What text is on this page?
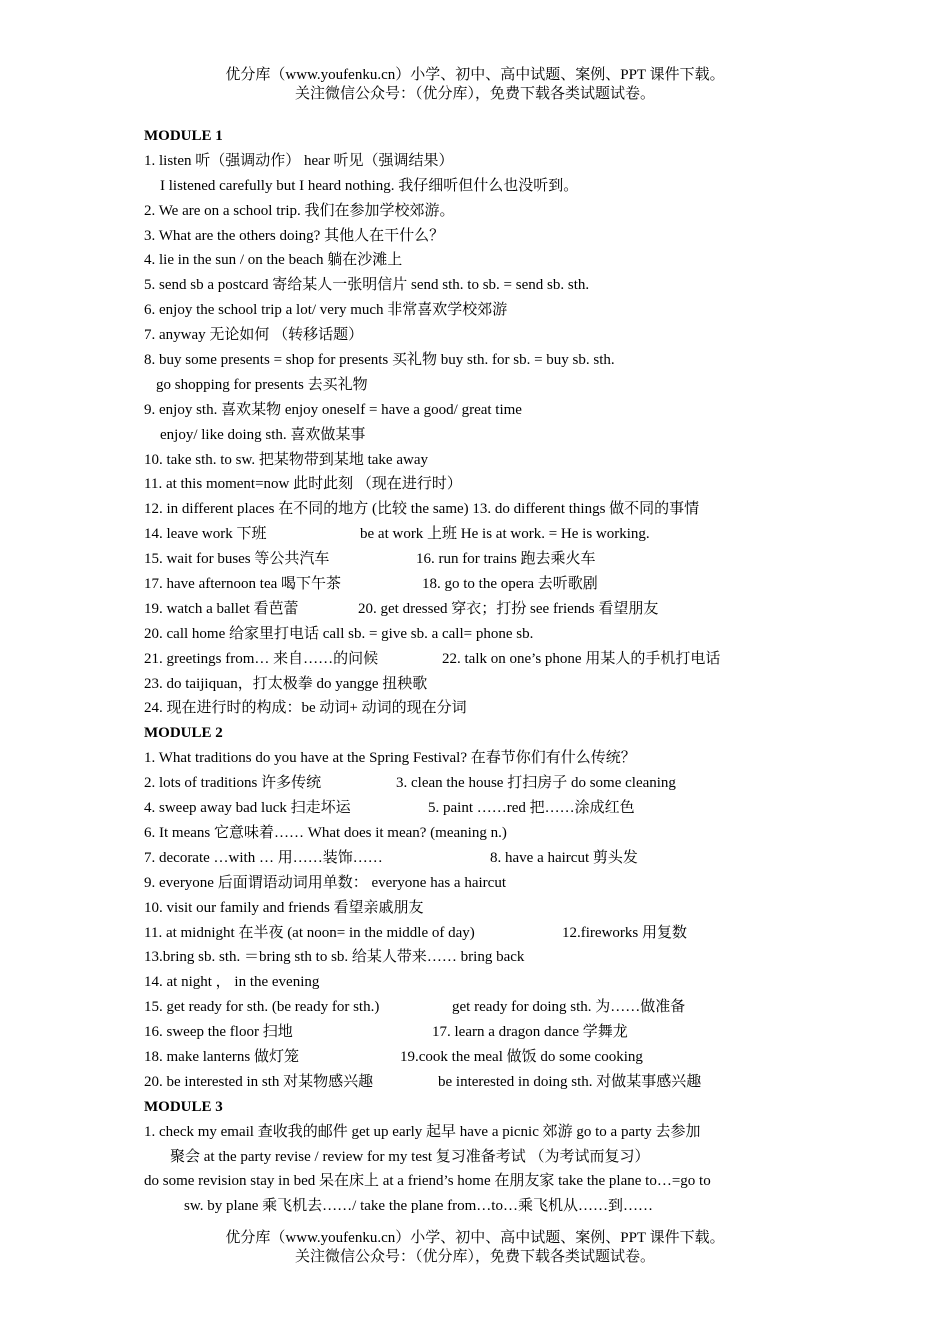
优分库（www.youfenku.cn）小学、初中、高中试题、案例、PPT 课件下载。
关注微信公众号：（优分库），免费下载各类试题试卷。
MODULE 1
1. listen 听（强调动作） hear 听见（强调结果）
I listened carefully but I heard nothing. 我仔细听但什么也没听到。
2. We are on a school trip. 我们在参加学校郊游。
3. What are the others doing? 其他人在干什么？
4. lie in the sun / on the beach 躺在沙滩上
5. send sb a postcard 寄给某人一张明信片 send sth. to sb. = send sb. sth.
6. enjoy the school trip a lot/ very much 非常喜欢学校郊游
7. anyway 无论如何 （转移话题）
8. buy some presents = shop for presents 买礼物 buy sth. for sb. = buy sb. sth.
go shopping for presents 去买礼物
9. enjoy sth. 喜欢某物 enjoy oneself = have a good/ great time
enjoy/ like doing sth. 喜欢做某事
10. take sth. to sw. 把某物带到某地 take away
11. at this moment=now 此时此刻 （现在进行时）
12. in different places 在不同的地方 (比较 the same) 13. do different things 做不同的事情
14. leave work 下班	be at work 上班 He is at work. = He is working.
15. wait for buses 等公共汽车	16. run for trains 跑去乘火车
17. have afternoon tea 喝下午茶	18. go to the opera 去听歌剧
19. watch a ballet 看芭蕾	20. get dressed 穿衣；打扮 see friends 看望朋友
20. call home 给家里打电话 call sb. = give sb. a call= phone sb.
21. greetings from… 来自……的问候	22. talk on one’s phone 用某人的手机打电话
23. do taijiquan，打太极拳 do yangge 扭秧歌
24. 现在进行时的构成：be 动词+ 动词的现在分词
MODULE 2
1. What traditions do you have at the Spring Festival? 在春节你们有什么传统？
2. lots of traditions 许多传统	3. clean the house 打扫房子 do some cleaning
4. sweep away bad luck 扫走坏运	5. paint ……red 把……涂成红色
6. It means 它意味着…… What does it mean? (meaning n.)
7. decorate …with … 用……装饰……	8. have a haircut 剪头发
9. everyone 后面谓语动词用单数： everyone has a haircut
10. visit our family and friends 看望亲戚朋友
11. at midnight 在半夜 (at noon= in the middle of day)	12.fireworks 用复数
13.bring sb. sth. ＝bring sth to sb. 给某人带来…… bring back
14. at night ， in the evening
15. get ready for sth. (be ready for sth.)	get ready for doing sth. 为……做准备
16. sweep the floor 扫地	17. learn a dragon dance 学舞龙
18. make lanterns 做灯笼	19.cook the meal 做饭 do some cooking
20. be interested in sth 对某物感兴趣	be interested in doing sth. 对做某事感兴趣
MODULE 3
1. check my email 查收我的邮件 get up early 起早 have a picnic 郊游 go to a party 去参加
聚会 at the party revise / review for my test 复习准备考试 （为考试而复习）
do some revision stay in bed 呆在床上 at a friend’s home 在朋友家 take the plane to…=go to
sw. by plane 乘飞机去……/ take the plane from…to…乘飞机从……到……
优分库（www.youfenku.cn）小学、初中、高中试题、案例、PPT 课件下载。
关注微信公众号：（优分库），免费下载各类试题试卷。
